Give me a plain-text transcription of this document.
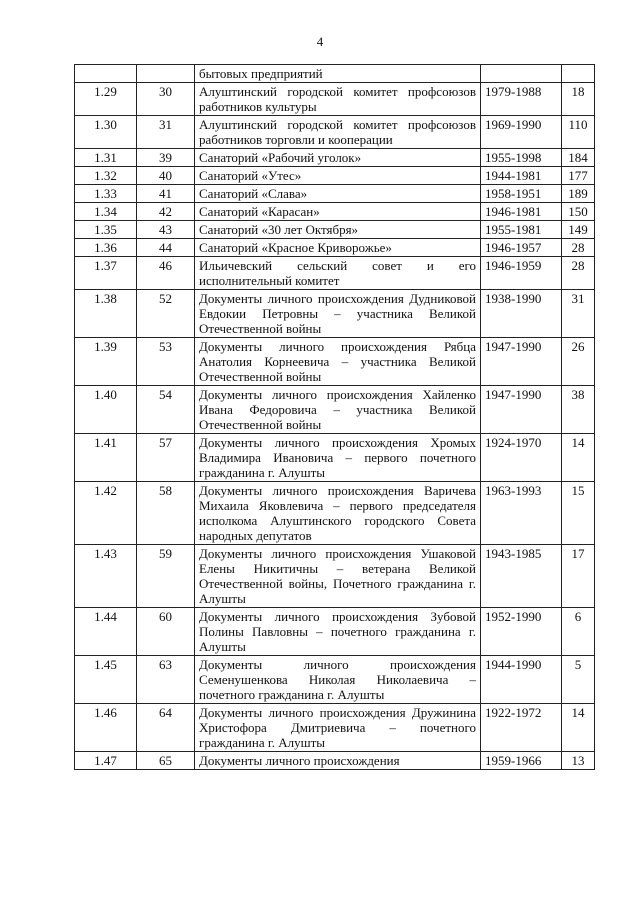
4
		бытовых предприятий		
1.29	30	Алуштинский городской комитет профсоюзов работников культуры	1979-1988	18
1.30	31	Алуштинский городской комитет профсоюзов работников торговли и кооперации	1969-1990	110
1.31	39	Санаторий «Рабочий уголок»	1955-1998	184
1.32	40	Санаторий «Утес»	1944-1981	177
1.33	41	Санаторий «Слава»	1958-1951	189
1.34	42	Санаторий «Карасан»	1946-1981	150
1.35	43	Санаторий «30 лет Октября»	1955-1981	149
1.36	44	Санаторий «Красное Криворожье»	1946-1957	28
1.37	46	Ильичевский сельский совет и его исполнительный комитет	1946-1959	28
1.38	52	Документы личного происхождения Дудниковой Евдокии Петровны – участника Великой Отечественной войны	1938-1990	31
1.39	53	Документы личного происхождения Рябца Анатолия Корнеевича – участника Великой Отечественной войны	1947-1990	26
1.40	54	Документы личного происхождения Хайленко Ивана Федоровича – участника Великой Отечественной войны	1947-1990	38
1.41	57	Документы личного происхождения Хромых Владимира Ивановича – первого почетного гражданина г. Алушты	1924-1970	14
1.42	58	Документы личного происхождения Варичева Михаила Яковлевича – первого председателя исполкома Алуштинского городского Совета народных депутатов	1963-1993	15
1.43	59	Документы личного происхождения Ушаковой Елены Никитичны – ветерана Великой Отечественной войны, Почетного гражданина г. Алушты	1943-1985	17
1.44	60	Документы личного происхождения Зубовой Полины Павловны – почетного гражданина г. Алушты	1952-1990	6
1.45	63	Документы личного происхождения Семенушенкова Николая Николаевича – почетного гражданина г. Алушты	1944-1990	5
1.46	64	Документы личного происхождения Дружинина Христофора Дмитриевича – почетного гражданина г. Алушты	1922-1972	14
1.47	65	Документы личного происхождения	1959-1966	13
